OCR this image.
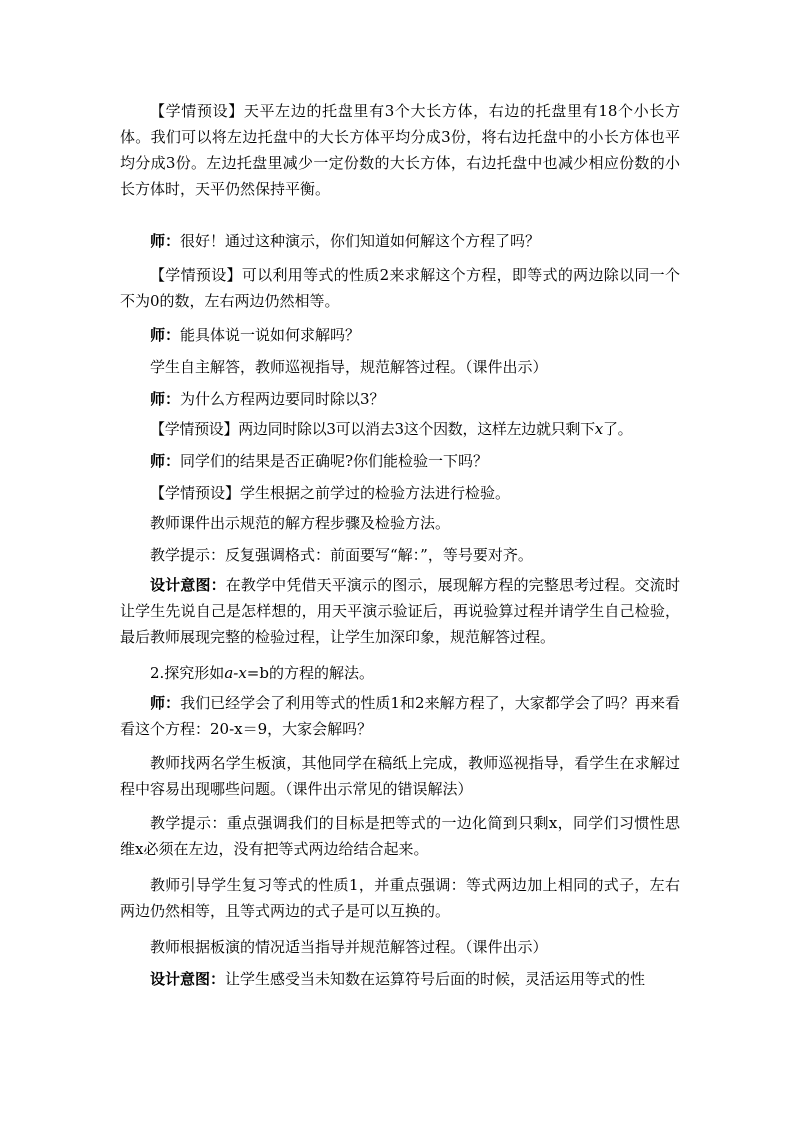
【学情预设】天平左边的托盘里有3个大长方体，右边的托盘里有18个小长方体。我们可以将左边托盘中的大长方体平均分成3份，将右边托盘中的小长方体也平均分成3份。左边托盘里减少一定份数的大长方体，右边托盘中也减少相应份数的小长方体时，天平仍然保持平衡。

师：很好！通过这种演示，你们知道如何解这个方程了吗？

【学情预设】可以利用等式的性质2来求解这个方程，即等式的两边除以同一个不为0的数，左右两边仍然相等。

师：能具体说一说如何求解吗？

学生自主解答，教师巡视指导，规范解答过程。（课件出示）

师：为什么方程两边要同时除以3？

【学情预设】两边同时除以3可以消去3这个因数，这样左边就只剩下x了。

师：同学们的结果是否正确呢?你们能检验一下吗？

【学情预设】学生根据之前学过的检验方法进行检验。

教师课件出示规范的解方程步骤及检验方法。

教学提示：反复强调格式：前面要写“解：”，等号要对齐。

设计意图：在教学中凭借天平演示的图示，展现解方程的完整思考过程。交流时让学生先说自己是怎样想的，用天平演示验证后，再说验算过程并请学生自己检验，最后教师展现完整的检验过程，让学生加深印象，规范解答过程。

2.探究形如a-x=b的方程的解法。

师：我们已经学会了利用等式的性质1和2来解方程了，大家都学会了吗？再来看看这个方程：20-x＝9，大家会解吗？

教师找两名学生板演，其他同学在稿纸上完成，教师巡视指导，看学生在求解过程中容易出现哪些问题。（课件出示常见的错误解法）

教学提示：重点强调我们的目标是把等式的一边化简到只剩x，同学们习惯性思维x必须在左边，没有把等式两边给结合起来。

教师引导学生复习等式的性质1，并重点强调：等式两边加上相同的式子，左右两边仍然相等，且等式两边的式子是可以互换的。

教师根据板演的情况适当指导并规范解答过程。（课件出示）

设计意图：让学生感受当未知数在运算符号后面的时候，灵活运用等式的性
